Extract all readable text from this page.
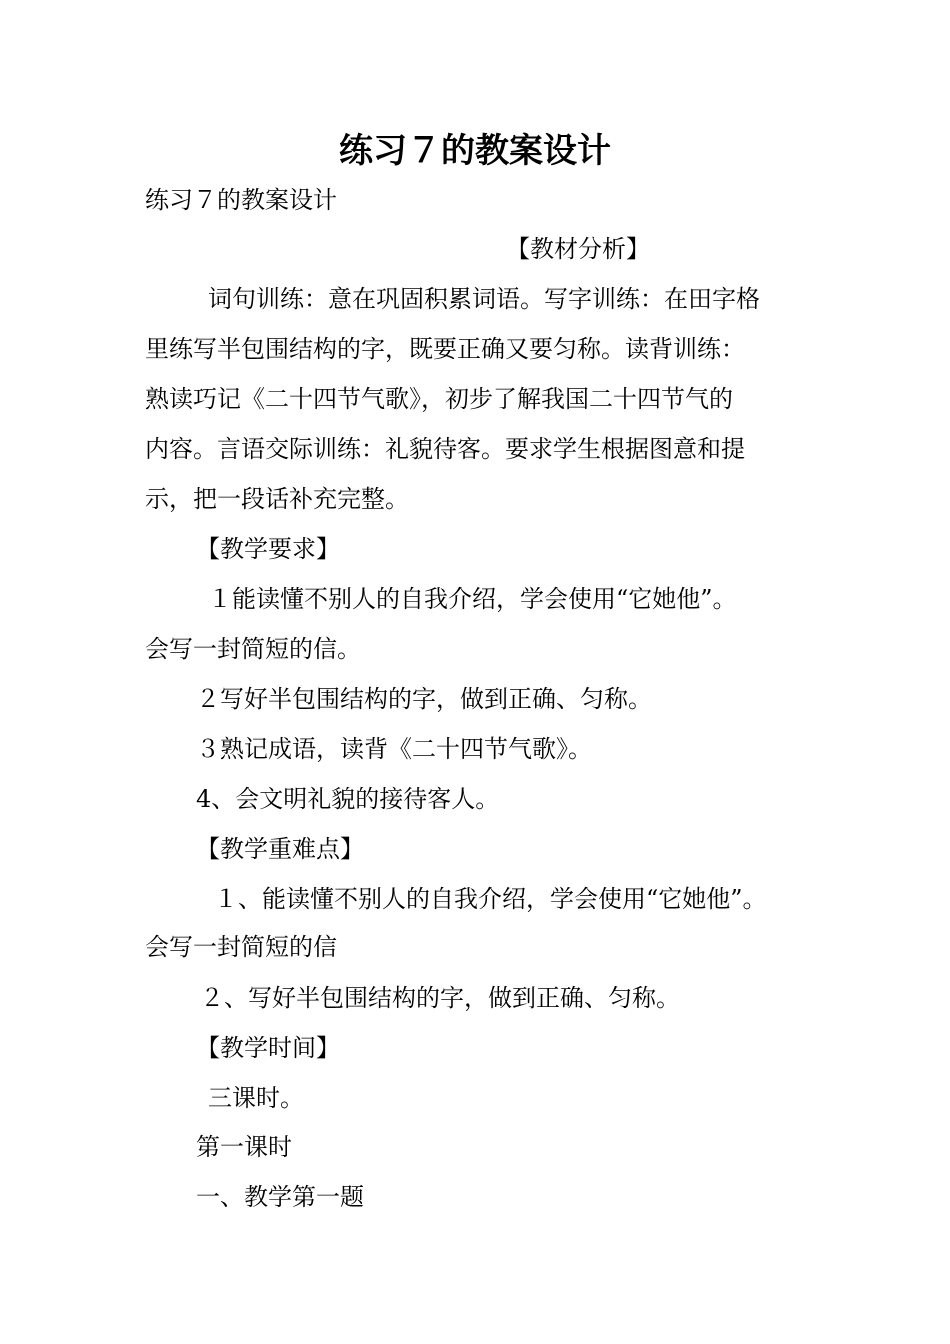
练习７的教案设计

练习７的教案设计

【教材分析】

词句训练：意在巩固积累词语。写字训练：在田字格

里练写半包围结构的字，既要正确又要匀称。读背训练：

熟读巧记《二十四节气歌》，初步了解我国二十四节气的

内容。言语交际训练：礼貌待客。要求学生根据图意和提

示，把一段话补充完整。

【教学要求】

１能读懂不别人的自我介绍，学会使用“它她他”。

会写一封简短的信。

２写好半包围结构的字，做到正确、匀称。

３熟记成语，读背《二十四节气歌》。

4、会文明礼貌的接待客人。

【教学重难点】

１、能读懂不别人的自我介绍，学会使用“它她他”。

会写一封简短的信

２、写好半包围结构的字，做到正确、匀称。

【教学时间】

三课时。

第一课时

一、教学第一题
